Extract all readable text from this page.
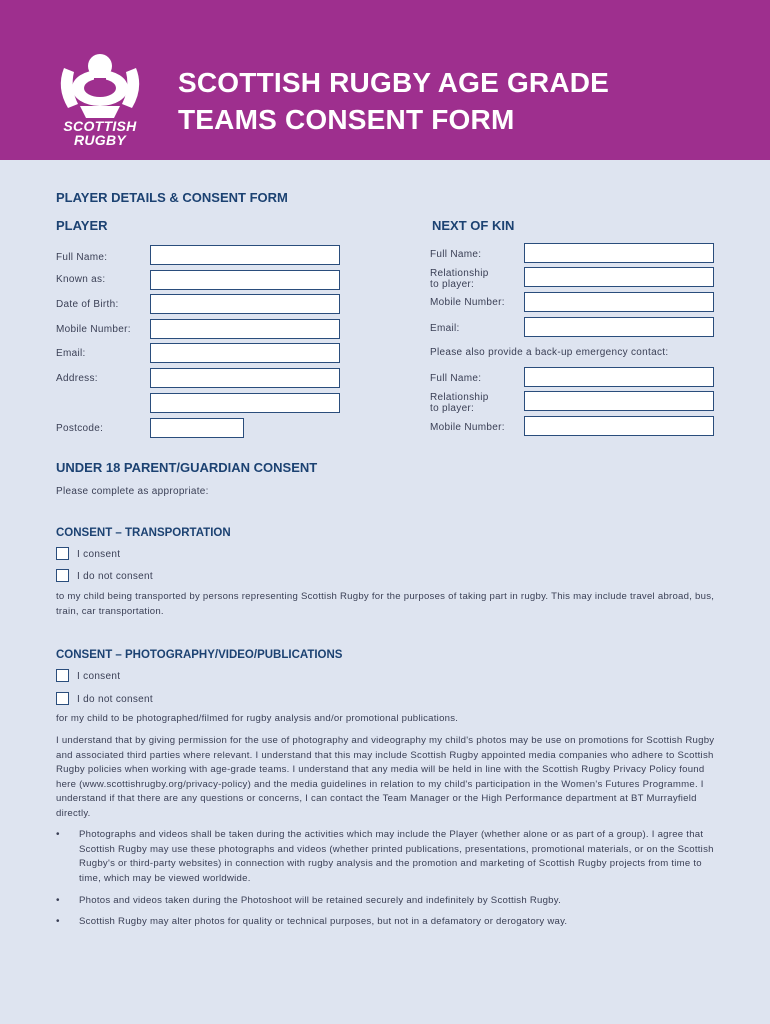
SCOTTISH
RUGBY
SCOTTISH RUGBY AGE GRADE
TEAMS CONSENT FORM
PLAYER DETAILS & CONSENT FORM
PLAYER
Full Name:
Known as:
Date of Birth:
Mobile Number:
Email:
Address:
Postcode:
NEXT OF KIN
Full Name:
Relationship
to player:
Mobile Number:
Email:
Please also provide a back-up emergency contact:
Full Name:
Relationship
to player:
Mobile Number:
UNDER 18 PARENT/GUARDIAN CONSENT
Please complete as appropriate:
CONSENT – TRANSPORTATION
I consent
I do not consent
to my child being transported by persons representing Scottish Rugby for the purposes of taking part in rugby. This may include travel abroad, bus, train, car transportation.
CONSENT – PHOTOGRAPHY/VIDEO/PUBLICATIONS
I consent
I do not consent
for my child to be photographed/filmed for rugby analysis and/or promotional publications.
I understand that by giving permission for the use of photography and videography my child's photos may be use on promotions for Scottish Rugby and associated third parties where relevant. I understand that this may include Scottish Rugby appointed media companies who adhere to Scottish Rugby policies when working with age-grade teams. I understand that any media will be held in line with the Scottish Rugby Privacy Policy found here (www.scottishrugby.org/privacy-policy) and the media guidelines in relation to my child's participation in the Women's Futures Programme. I understand if that there are any questions or concerns, I can contact the Team Manager or the High Performance department at BT Murrayfield directly.
• Photographs and videos shall be taken during the activities which may include the Player (whether alone or as part of a group). I agree that Scottish Rugby may use these photographs and videos (whether printed publications, presentations, promotional materials, or on the Scottish Rugby's or third-party websites) in connection with rugby analysis and the promotion and marketing of Scottish Rugby projects from time to time, which may be viewed worldwide.
• Photos and videos taken during the Photoshoot will be retained securely and indefinitely by Scottish Rugby.
• Scottish Rugby may alter photos for quality or technical purposes, but not in a defamatory or derogatory way.
